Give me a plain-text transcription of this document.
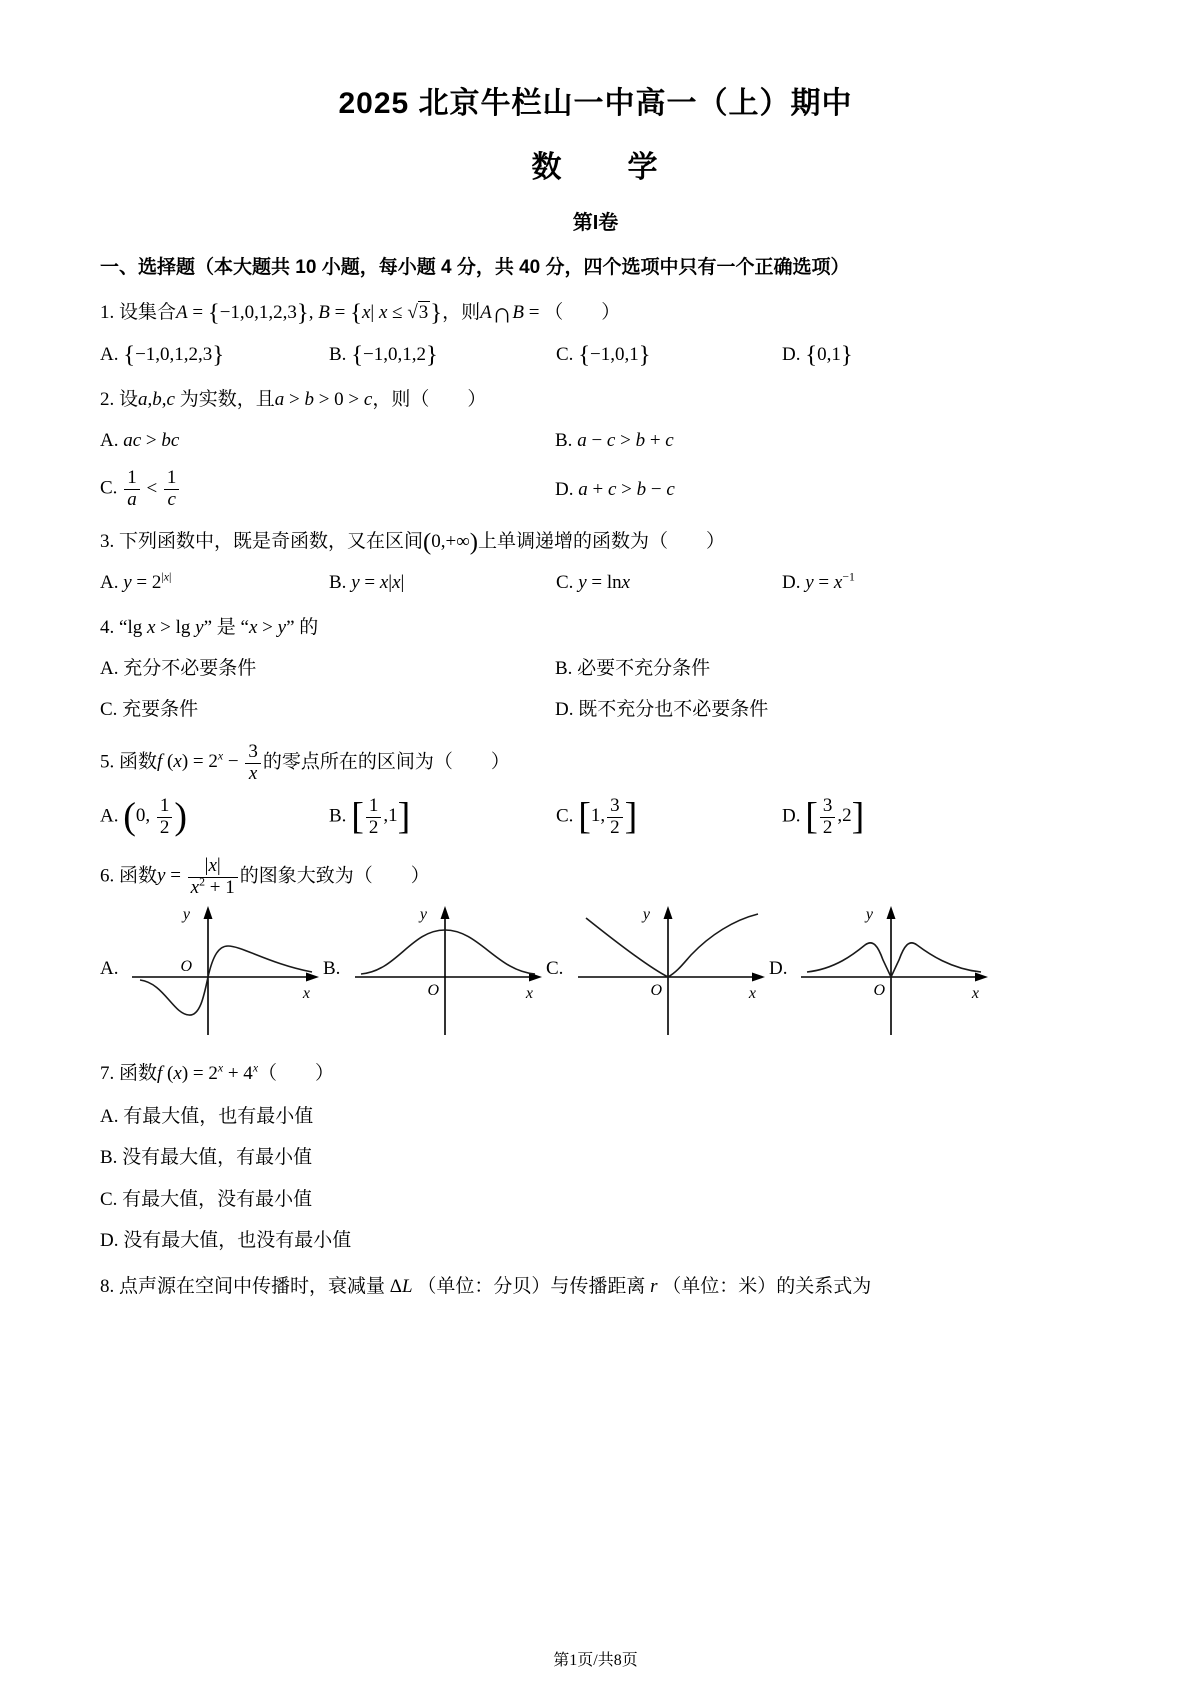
2025 北京牛栏山一中高一（上）期中
数　　学
第I卷
一、选择题（本大题共 10 小题，每小题 4 分，共 40 分，四个选项中只有一个正确选项）
1. 设集合A = {−1,0,1,2,3}, B = {x| x ≤ √3}，则A∩B = （　　）
A. {−1,0,1,2,3}	B. {−1,0,1,2}	C. {−1,0,1}	D. {0,1}
2. 设a,b,c 为实数，且a > b > 0 > c，则（　　）
A. ac > bc	B. a − c > b + c
C. $\frac{1}{a} < \frac{1}{c}$	D. a + c > b − c
3. 下列函数中，既是奇函数，又在区间(0,+∞)上单调递增的函数为（　　）
A. $y = 2^{|x|}$	B. y = x|x|	C. y = lnx	D. $y = x^{-1}$
4. “lg x > lg y” 是 “x > y” 的
A. 充分不必要条件	B. 必要不充分条件
C. 充要条件	D. 既不充分也不必要条件
5. 函数f $(x) = 2^x - \frac{3}{x}$ 的零点所在的区间为（　　）
A. (0, $\frac{1}{2}$ )	B. [ $\frac{1}{2} ,1$]	C. [1, $\frac{3}{2}$ ]	D. [ $\frac{3}{2} ,2$]
6. 函数$y = \frac{|x|}{x^2 + 1}$ 的图象大致为（　　）
A.	O
y
x
B.
O
y
x
C.
O
y
x
D.
O
y
x
7. 函数f $(x) = 2^x + 4^x$（　　）
A. 有最大值，也有最小值
B. 没有最大值，有最小值
C. 有最大值，没有最小值
D. 没有最大值，也没有最小值
8. 点声源在空间中传播时，衰减量 ΔL （单位：分贝）与传播距离 r （单位：米）的关系式为
第1页/共8页
